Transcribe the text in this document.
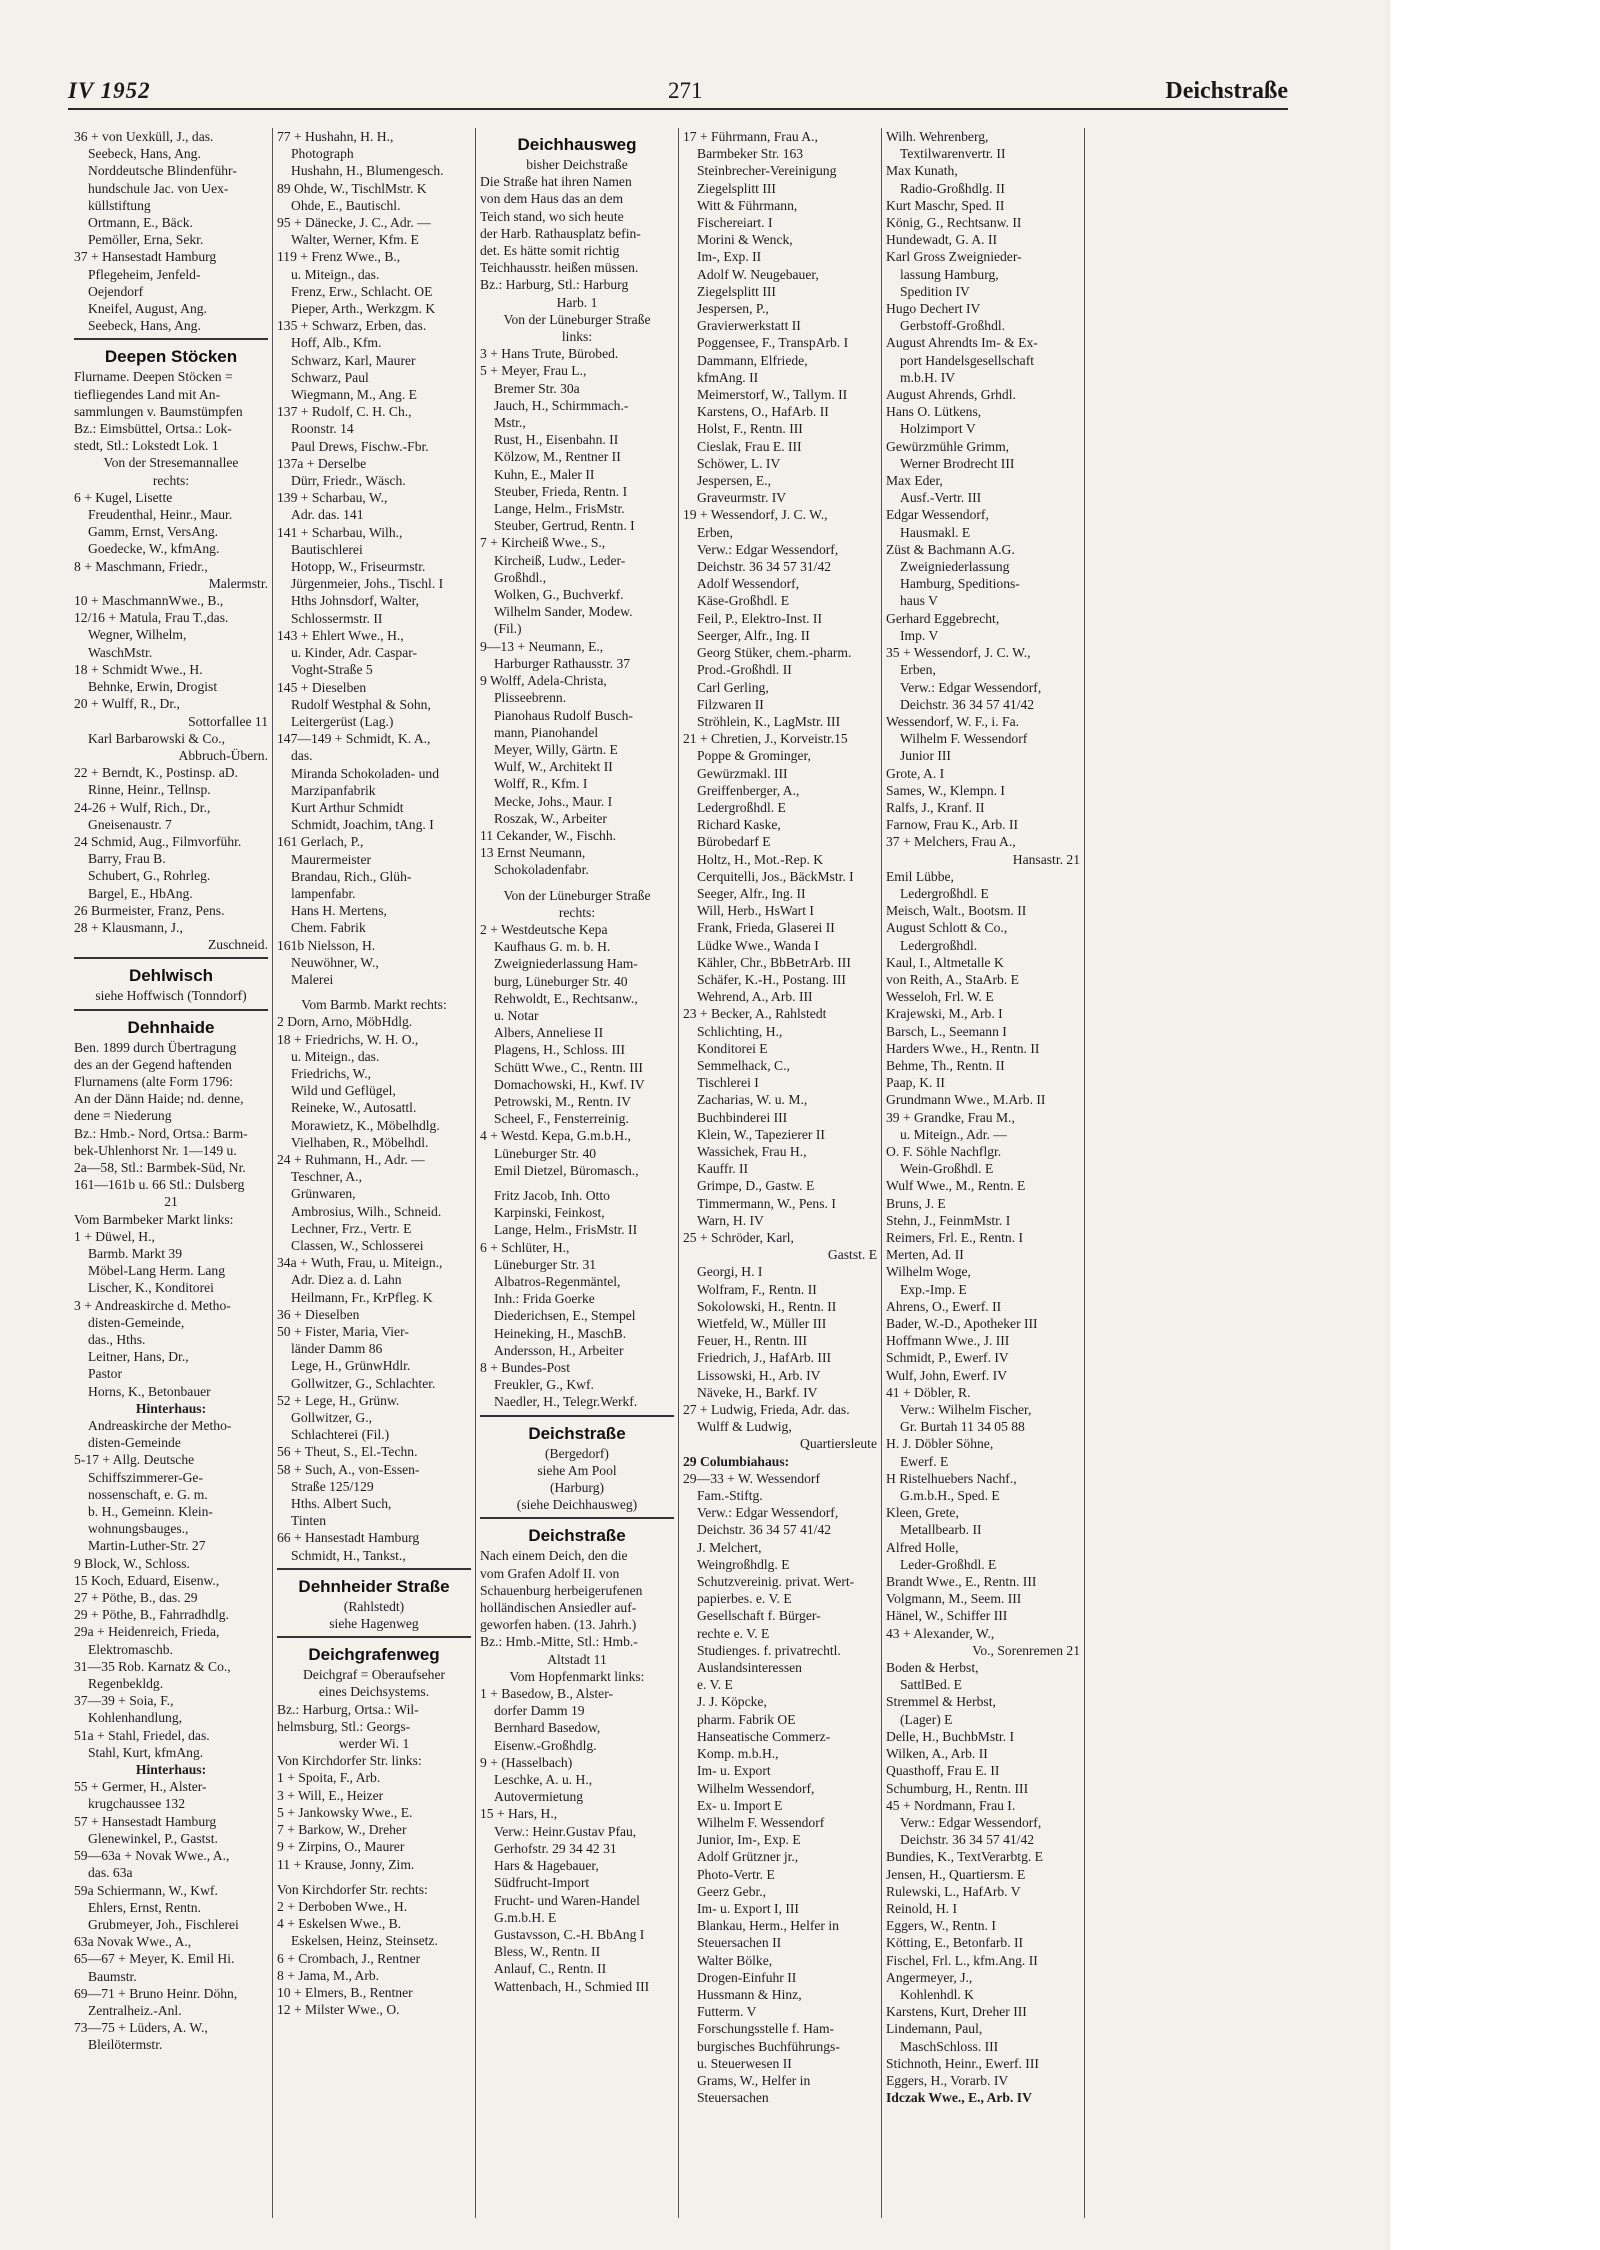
IV 1952	271	Deichstraße
36 + von Uexküll, J., das.
Seebeck, Hans, Ang.
Norddeutsche Blindenführ-
hundschule Jac. von Uex-
küllstiftung
Ortmann, E., Bäck.
Pemöller, Erna, Sekr.
37 + Hansestadt Hamburg
Pflegeheim, Jenfeld-
Oejendorf
Kneifel, August, Ang.
Seebeck, Hans, Ang.
Deepen Stöcken
Flurname. Deepen Stöcken =
tiefliegendes Land mit An-
sammlungen v. Baumstümpfen
Bz.: Eimsbüttel, Ortsa.: Lok-
stedt, Stl.: Lokstedt Lok. 1
Von der Stresemannallee
rechts:
6 + Kugel, Lisette
Freudenthal, Heinr., Maur.
Gamm, Ernst, VersAng.
Goedecke, W., kfmAng.
8 + Maschmann, Friedr.,
Malermstr.
10 + MaschmannWwe., B.,
12/16 + Matula, Frau T.,das.
Wegner, Wilhelm,
WaschMstr.
18 + Schmidt Wwe., H.
Behnke, Erwin, Drogist
20 + Wulff, R., Dr.,
Sottorfallee 11
Karl Barbarowski & Co.,
Abbruch-Übern.
22 + Berndt, K., Postinsp. aD.
Rinne, Heinr., Tellnsp.
24-26 + Wulf, Rich., Dr.,
Gneisenaustr. 7
24 Schmid, Aug., Filmvorführ.
Barry, Frau B.
Schubert, G., Rohrleg.
Bargel, E., HbAng.
26 Burmeister, Franz, Pens.
28 + Klausmann, J.,
Zuschneid.
Dehlwisch
siehe Hoffwisch (Tonndorf)
Dehnhaide
Ben. 1899 durch Übertragung
des an der Gegend haftenden
Flurnamens (alte Form 1796:
An der Dänn Haide; nd. denne,
dene = Niederung
Bz.: Hmb.- Nord, Ortsa.: Barm-
bek-Uhlenhorst Nr. 1—149 u.
2a—58, Stl.: Barmbek-Süd, Nr.
161—161b u. 66 Stl.: Dulsberg
21
Vom Barmbeker Markt links:
1 + Düwel, H.,
Barmb. Markt 39
Möbel-Lang Herm. Lang
Lischer, K., Konditorei
3 + Andreaskirche d. Metho-
disten-Gemeinde,
das., Hths.
Leitner, Hans, Dr.,
Pastor
Horns, K., Betonbauer
Hinterhaus:
Andreaskirche der Metho-
disten-Gemeinde
5-17 + Allg. Deutsche
Schiffszimmerer-Ge-
nossenschaft, e. G. m.
b. H., Gemeinn. Klein-
wohnungsbauges.,
Martin-Luther-Str. 27
9 Block, W., Schloss.
15 Koch, Eduard, Eisenw.,
27 + Pöthe, B., das. 29
29 + Pöthe, B., Fahrradhdlg.
29a + Heidenreich, Frieda,
Elektromaschb.
31—35 Rob. Karnatz & Co.,
Regenbekldg.
37—39 + Soia, F.,
Kohlenhandlung,
51a + Stahl, Friedel, das.
Stahl, Kurt, kfmAng.
Hinterhaus:
55 + Germer, H., Alster-
krugchaussee 132
57 + Hansestadt Hamburg
Glenewinkel, P., Gastst.
59—63a + Novak Wwe., A.,
das. 63a
59a Schiermann, W., Kwf.
Ehlers, Ernst, Rentn.
Grubmeyer, Joh., Fischlerei
63a Novak Wwe., A.,
65—67 + Meyer, K. Emil Hi.
Baumstr.
69—71 + Bruno Heinr. Döhn,
Zentralheiz.-Anl.
73—75 + Lüders, A. W.,
Bleilötermstr.
77 + Hushahn, H. H.,
Photograph
Hushahn, H., Blumengesch.
89 Ohde, W., TischlMstr. K
Ohde, E., Bautischl.
95 + Dänecke, J. C., Adr. —
Walter, Werner, Kfm. E
119 + Frenz Wwe., B.,
u. Miteign., das.
Frenz, Erw., Schlacht. OE
Pieper, Arth., Werkzgm. K
135 + Schwarz, Erben, das.
Hoff, Alb., Kfm.
Schwarz, Karl, Maurer
Schwarz, Paul
Wiegmann, M., Ang. E
137 + Rudolf, C. H. Ch.,
Roonstr. 14
Paul Drews, Fischw.-Fbr.
137a + Derselbe
Dürr, Friedr., Wäsch.
139 + Scharbau, W.,
Adr. das. 141
141 + Scharbau, Wilh.,
Bautischlerei
Hotopp, W., Friseurmstr.
Jürgenmeier, Johs., Tischl. I
Hths Johnsdorf, Walter,
Schlossermstr. II
143 + Ehlert Wwe., H.,
u. Kinder, Adr. Caspar-
Voght-Straße 5
145 + Dieselben
Rudolf Westphal & Sohn,
Leitergerüst (Lag.)
147—149 + Schmidt, K. A.,
das.
Miranda Schokoladen- und
Marzipanfabrik
Kurt Arthur Schmidt
Schmidt, Joachim, tAng. I
161 Gerlach, P.,
Maurermeister
Brandau, Rich., Glüh-
lampenfabr.
Hans H. Mertens,
Chem. Fabrik
161b Nielsson, H.
Neuwöhner, W.,
Malerei
Vom Barmb. Markt rechts:
2 Dorn, Arno, MöbHdlg.
18 + Friedrichs, W. H. O.,
u. Miteign., das.
Friedrichs, W.,
Wild und Geflügel,
Reineke, W., Autosattl.
Morawietz, K., Möbelhdlg.
Vielhaben, R., Möbelhdl.
24 + Ruhmann, H., Adr. —
Teschner, A.,
Grünwaren,
Ambrosius, Wilh., Schneid.
Lechner, Frz., Vertr. E
Classen, W., Schlosserei
34a + Wuth, Frau, u. Miteign.,
Adr. Diez a. d. Lahn
Heilmann, Fr., KrPfleg. K
36 + Dieselben
50 + Fister, Maria, Vier-
länder Damm 86
Lege, H., GrünwHdlr.
Gollwitzer, G., Schlachter.
52 + Lege, H., Grünw.
Gollwitzer, G.,
Schlachterei (Fil.)
56 + Theut, S., El.-Techn.
58 + Such, A., von-Essen-
Straße 125/129
Hths. Albert Such,
Tinten
66 + Hansestadt Hamburg
Schmidt, H., Tankst.,
Dehnheider Straße
(Rahlstedt)
siehe Hagenweg
Deichgrafenweg
Deichgraf = Oberaufseher
eines Deichsystems.
Bz.: Harburg, Ortsa.: Wil-
helmsburg, Stl.: Georgs-
werder Wi. 1
Von Kirchdorfer Str. links:
1 + Spoita, F., Arb.
3 + Will, E., Heizer
5 + Jankowsky Wwe., E.
7 + Barkow, W., Dreher
9 + Zirpins, O., Maurer
11 + Krause, Jonny, Zim.
Von Kirchdorfer Str. rechts:
2 + Derboben Wwe., H.
4 + Eskelsen Wwe., B.
Eskelsen, Heinz, Steinsetz.
6 + Crombach, J., Rentner
8 + Jama, M., Arb.
10 + Elmers, B., Rentner
12 + Milster Wwe., O.
Deichhausweg
bisher Deichstraße
Die Straße hat ihren Namen
von dem Haus das an dem
Teich stand, wo sich heute
der Harb. Rathausplatz befin-
det. Es hätte somit richtig
Teichhausstr. heißen müssen.
Bz.: Harburg, Stl.: Harburg
Harb. 1
Von der Lüneburger Straße
links:
3 + Hans Trute, Bürobed.
5 + Meyer, Frau L.,
Bremer Str. 30a
Jauch, H., Schirmmach.-
Mstr.,
Rust, H., Eisenbahn. II
Kölzow, M., Rentner II
Kuhn, E., Maler II
Steuber, Frieda, Rentn. I
Lange, Helm., FrisMstr.
Steuber, Gertrud, Rentn. I
7 + Kircheiß Wwe., S.,
Kircheiß, Ludw., Leder-
Großhdl.,
Wolken, G., Buchverkf.
Wilhelm Sander, Modew.
(Fil.)
9—13 + Neumann, E.,
Harburger Rathausstr. 37
9 Wolff, Adela-Christa,
Plisseebrenn.
Pianohaus Rudolf Busch-
mann, Pianohandel
Meyer, Willy, Gärtn. E
Wulf, W., Architekt II
Wolff, R., Kfm. I
Mecke, Johs., Maur. I
Roszak, W., Arbeiter
11 Cekander, W., Fischh.
13 Ernst Neumann,
Schokoladenfabr.
Von der Lüneburger Straße
rechts:
2 + Westdeutsche Kepa
Kaufhaus G. m. b. H.
Zweigniederlassung Ham-
burg, Lüneburger Str. 40
Rehwoldt, E., Rechtsanw.,
u. Notar
Albers, Anneliese II
Plagens, H., Schloss. III
Schütt Wwe., C., Rentn. III
Domachowski, H., Kwf. IV
Petrowski, M., Rentn. IV
Scheel, F., Fensterreinig.
4 + Westd. Kepa, G.m.b.H.,
Lüneburger Str. 40
Emil Dietzel, Büromasch.,
Fritz Jacob, Inh. Otto
Karpinski, Feinkost,
Lange, Helm., FrisMstr. II
6 + Schlüter, H.,
Lüneburger Str. 31
Albatros-Regenmäntel,
Inh.: Frida Goerke
Diederichsen, E., Stempel
Heineking, H., MaschB.
Andersson, H., Arbeiter
8 + Bundes-Post
Freukler, G., Kwf.
Naedler, H., Telegr.Werkf.
Deichstraße
(Bergedorf)
siehe Am Pool
(Harburg)
(siehe Deichhausweg)
Deichstraße
Nach einem Deich, den die
vom Grafen Adolf II. von
Schauenburg herbeigerufenen
holländischen Ansiedler auf-
geworfen haben. (13. Jahrh.)
Bz.: Hmb.-Mitte, Stl.: Hmb.-
Altstadt 11
Vom Hopfenmarkt links:
1 + Basedow, B., Alster-
dorfer Damm 19
Bernhard Basedow,
Eisenw.-Großhdlg.
9 + (Hasselbach)
Leschke, A. u. H.,
Autovermietung
15 + Hars, H.,
Verw.: Heinr.Gustav Pfau,
Gerhofstr. 29 34 42 31
Hars & Hagebauer,
Südfrucht-Import
Frucht- und Waren-Handel
G.m.b.H. E
Gustavsson, C.-H. BbAng I
Bless, W., Rentn. II
Anlauf, C., Rentn. II
Wattenbach, H., Schmied III
17 + Führmann, Frau A.,
Barmbeker Str. 163
Steinbrecher-Vereinigung
Ziegelsplitt III
Witt & Führmann,
Fischereiart. I
Morini & Wenck,
Im-, Exp. II
Adolf W. Neugebauer,
Ziegelsplitt III
Jespersen, P.,
Gravierwerkstatt II
Poggensee, F., TranspArb. I
Dammann, Elfriede,
kfmAng. II
Meimerstorf, W., Tallym. II
Karstens, O., HafArb. II
Holst, F., Rentn. III
Cieslak, Frau E. III
Schöwer, L. IV
Jespersen, E.,
Graveurmstr. IV
19 + Wessendorf, J. C. W.,
Erben,
Verw.: Edgar Wessendorf,
Deichstr. 36 34 57 31/42
Adolf Wessendorf,
Käse-Großhdl. E
Feil, P., Elektro-Inst. II
Seerger, Alfr., Ing. II
Georg Stüker, chem.-pharm.
Prod.-Großhdl. II
Carl Gerling,
Filzwaren II
Ströhlein, K., LagMstr. III
21 + Chretien, J., Korveistr.15
Poppe & Grominger,
Gewürzmakl. III
Greiffenberger, A.,
Ledergroßhdl. E
Richard Kaske,
Bürobedarf E
Holtz, H., Mot.-Rep. K
Cerquitelli, Jos., BäckMstr. I
Seeger, Alfr., Ing. II
Will, Herb., HsWart I
Frank, Frieda, Glaserei II
Lüdke Wwe., Wanda I
Kähler, Chr., BbBetrArb. III
Schäfer, K.-H., Postang. III
Wehrend, A., Arb. III
23 + Becker, A., Rahlstedt
Schlichting, H.,
Konditorei E
Semmelhack, C.,
Tischlerei I
Zacharias, W. u. M.,
Buchbinderei III
Klein, W., Tapezierer II
Wassichek, Frau H.,
Kauffr. II
Grimpe, D., Gastw. E
Timmermann, W., Pens. I
Warn, H. IV
25 + Schröder, Karl,
Gastst. E
Georgi, H. I
Wolfram, F., Rentn. II
Sokolowski, H., Rentn. II
Wietfeld, W., Müller III
Feuer, H., Rentn. III
Friedrich, J., HafArb. III
Lissowski, H., Arb. IV
Näveke, H., Barkf. IV
27 + Ludwig, Frieda, Adr. das.
Wulff & Ludwig,
Quartiersleute
29 Columbiahaus:
29—33 + W. Wessendorf
Fam.-Stiftg.
Verw.: Edgar Wessendorf,
Deichstr. 36 34 57 41/42
J. Melchert,
Weingroßhdlg. E
Schutzvereinig. privat. Wert-
papierbes. e. V. E
Gesellschaft f. Bürger-
rechte e. V. E
Studienges. f. privatrechtl.
Auslandsinteressen
e. V. E
J. J. Köpcke,
pharm. Fabrik OE
Hanseatische Commerz-
Komp. m.b.H.,
Im- u. Export
Wilhelm Wessendorf,
Ex- u. Import E
Wilhelm F. Wessendorf
Junior, Im-, Exp. E
Adolf Grützner jr.,
Photo-Vertr. E
Geerz Gebr.,
Im- u. Export I, III
Blankau, Herm., Helfer in
Steuersachen II
Walter Bölke,
Drogen-Einfuhr II
Hussmann & Hinz,
Futterm. V
Forschungsstelle f. Ham-
burgisches Buchführungs-
u. Steuerwesen II
Grams, W., Helfer in
Steuersachen
Wilh. Wehrenberg,
Textilwarenvertr. II
Max Kunath,
Radio-Großhdlg. II
Kurt Maschr, Sped. II
König, G., Rechtsanw. II
Hundewadt, G. A. II
Karl Gross Zweignieder-
lassung Hamburg,
Spedition IV
Hugo Dechert IV
Gerbstoff-Großhdl.
August Ahrendts Im- & Ex-
port Handelsgesellschaft
m.b.H. IV
August Ahrends, Grhdl.
Hans O. Lütkens,
Holzimport V
Gewürzmühle Grimm,
Werner Brodrecht III
Max Eder,
Ausf.-Vertr. III
Edgar Wessendorf,
Hausmakl. E
Züst & Bachmann A.G.
Zweigniederlassung
Hamburg, Speditions-
haus V
Gerhard Eggebrecht,
Imp. V
35 + Wessendorf, J. C. W.,
Erben,
Verw.: Edgar Wessendorf,
Deichstr. 36 34 57 41/42
Wessendorf, W. F., i. Fa.
Wilhelm F. Wessendorf
Junior III
Grote, A. I
Sames, W., Klempn. I
Ralfs, J., Kranf. II
Farnow, Frau K., Arb. II
37 + Melchers, Frau A.,
Hansastr. 21
Emil Lübbe,
Ledergroßhdl. E
Meisch, Walt., Bootsm. II
August Schlott & Co.,
Ledergroßhdl.
Kaul, I., Altmetalle K
von Reith, A., StaArb. E
Wesseloh, Frl. W. E
Krajewski, M., Arb. I
Barsch, L., Seemann I
Harders Wwe., H., Rentn. II
Behme, Th., Rentn. II
Paap, K. II
Grundmann Wwe., M.Arb. II
39 + Grandke, Frau M.,
u. Miteign., Adr. —
O. F. Söhle Nachflgr.
Wein-Großhdl. E
Wulf Wwe., M., Rentn. E
Bruns, J. E
Stehn, J., FeinmMstr. I
Reimers, Frl. E., Rentn. I
Merten, Ad. II
Wilhelm Woge,
Exp.-Imp. E
Ahrens, O., Ewerf. II
Bader, W.-D., Apotheker III
Hoffmann Wwe., J. III
Schmidt, P., Ewerf. IV
Wulf, John, Ewerf. IV
41 + Döbler, R.
Verw.: Wilhelm Fischer,
Gr. Burtah 11 34 05 88
H. J. Döbler Söhne,
Ewerf. E
H Ristelhuebers Nachf.,
G.m.b.H., Sped. E
Kleen, Grete,
Metallbearb. II
Alfred Holle,
Leder-Großhdl. E
Brandt Wwe., E., Rentn. III
Volgmann, M., Seem. III
Hänel, W., Schiffer III
43 + Alexander, W.,
Vo., Sorenremen 21
Boden & Herbst,
SattlBed. E
Stremmel & Herbst,
(Lager) E
Delle, H., BuchbMstr. I
Wilken, A., Arb. II
Quasthoff, Frau E. II
Schumburg, H., Rentn. III
45 + Nordmann, Frau I.
Verw.: Edgar Wessendorf,
Deichstr. 36 34 57 41/42
Bundies, K., TextVerarbtg. E
Jensen, H., Quartiersm. E
Rulewski, L., HafArb. V
Reinold, H. I
Eggers, W., Rentn. I
Kötting, E., Betonfarb. II
Fischel, Frl. L., kfm.Ang. II
Angermeyer, J.,
Kohlenhdl. K
Karstens, Kurt, Dreher III
Lindemann, Paul,
MaschSchloss. III
Stichnoth, Heinr., Ewerf. III
Eggers, H., Vorarb. IV
Idczak Wwe., E., Arb. IV
